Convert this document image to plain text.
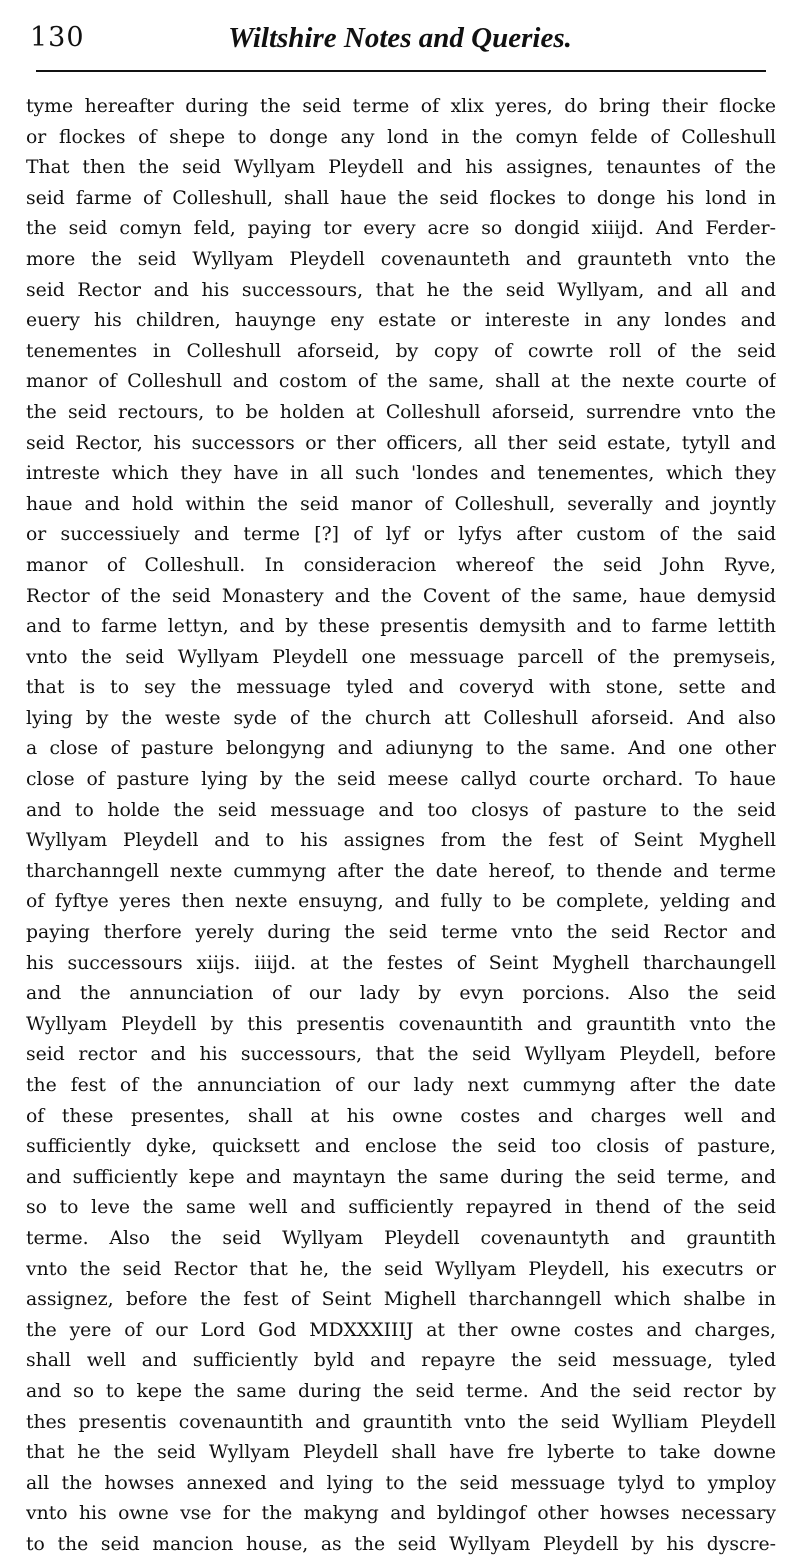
130	Wiltshire Notes and Queries.
tyme hereafter during the seid terme of xlix yeres, do bring their flocke
or flockes of shepe to donge any lond in the comyn felde of Colleshull
That then the seid Wyllyam Pleydell and his assignes, tenauntes of the
seid farme of Colleshull, shall haue the seid flockes to donge his lond in
the seid comyn feld, paying tor every acre so dongid xiiijd. And Ferder-
more the seid Wyllyam Pleydell covenaunteth and graunteth vnto the
seid Rector and his successours, that he the seid Wyllyam, and all and
euery his children, hauynge eny estate or intereste in any londes and
tenementes in Colleshull aforseid, by copy of cowrte roll of the seid
manor of Colleshull and costom of the same, shall at the nexte courte of
the seid rectours, to be holden at Colleshull aforseid, surrendre vnto the
seid Rector, his successors or ther officers, all ther seid estate, tytyll and
intreste which they have in all such 'londes and tenementes, which they
haue and hold within the seid manor of Colleshull, severally and joyntly
or successiuely and terme [?] of lyf or lyfys after custom of the said
manor of Colleshull. In consideracion whereof the seid John Ryve,
Rector of the seid Monastery and the Covent of the same, haue demysid
and to farme lettyn, and by these presentis demysith and to farme lettith
vnto the seid Wyllyam Pleydell one messuage parcell of the premyseis,
that is to sey the messuage tyled and coveryd with stone, sette and
lying by the weste syde of the church att Colleshull aforseid. And also
a close of pasture belongyng and adiunyng to the same. And one other
close of pasture lying by the seid meese callyd courte orchard. To haue
and to holde the seid messuage and too closys of pasture to the seid
Wyllyam Pleydell and to his assignes from the fest of Seint Myghell
tharchanngell nexte cummyng after the date hereof, to thende and terme
of fyftye yeres then nexte ensuyng, and fully to be complete, yelding and
paying therfore yerely during the seid terme vnto the seid Rector and
his successours xiijs. iiijd. at the festes of Seint Myghell tharchaungell
and the annunciation of our lady by evyn porcions. Also the seid
Wyllyam Pleydell by this presentis covenauntith and grauntith vnto the
seid rector and his successours, that the seid Wyllyam Pleydell, before
the fest of the annunciation of our lady next cummyng after the date
of these presentes, shall at his owne costes and charges well and
sufficiently dyke, quicksett and enclose the seid too closis of pasture,
and sufficiently kepe and mayntayn the same during the seid terme, and
so to leve the same well and sufficiently repayred in thend of the seid
terme. Also the seid Wyllyam Pleydell covenauntyth and grauntith
vnto the seid Rector that he, the seid Wyllyam Pleydell, his executrs or
assignez, before the fest of Seint Mighell tharchanngell which shalbe in
the yere of our Lord God MDXXXIIIJ at ther owne costes and charges,
shall well and sufficiently byld and repayre the seid messuage, tyled
and so to kepe the same during the seid terme. And the seid rector by
thes presentis covenauntith and grauntith vnto the seid Wylliam Pleydell
that he the seid Wyllyam Pleydell shall have fre lyberte to take downe
all the howses annexed and lying to the seid messuage tylyd to ymploy
vnto his owne vse for the makyng and byldingof other howses necessary
to the seid mancion house, as the seid Wyllyam Pleydell by his dyscre-
